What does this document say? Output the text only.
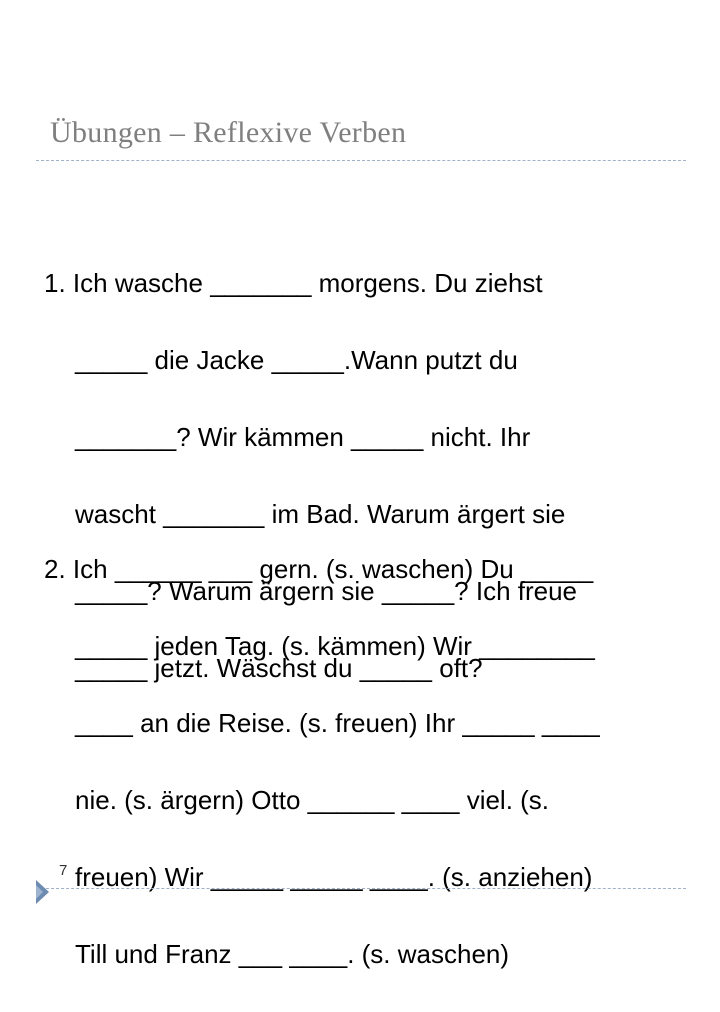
Übungen – Reflexive Verben

1. Ich wasche _______ morgens. Du ziehst

_____ die Jacke _____.Wann putzt du

_______? Wir kämmen _____ nicht. Ihr

wascht _______ im Bad. Warum ärgert sie

_____? Warum ärgern sie _____? Ich freue

_____ jetzt. Wäschst du _____ oft?

2. Ich ______ ___ gern. (s. waschen) Du _____

_____ jeden Tag. (s. kämmen) Wir ________

____ an die Reise. (s. freuen) Ihr _____ ____

nie. (s. ärgern) Otto ______ ____ viel. (s.

freuen) Wir _____ _____ ____. (s. anziehen)

Till und Franz ___ ____. (s. waschen)

7
